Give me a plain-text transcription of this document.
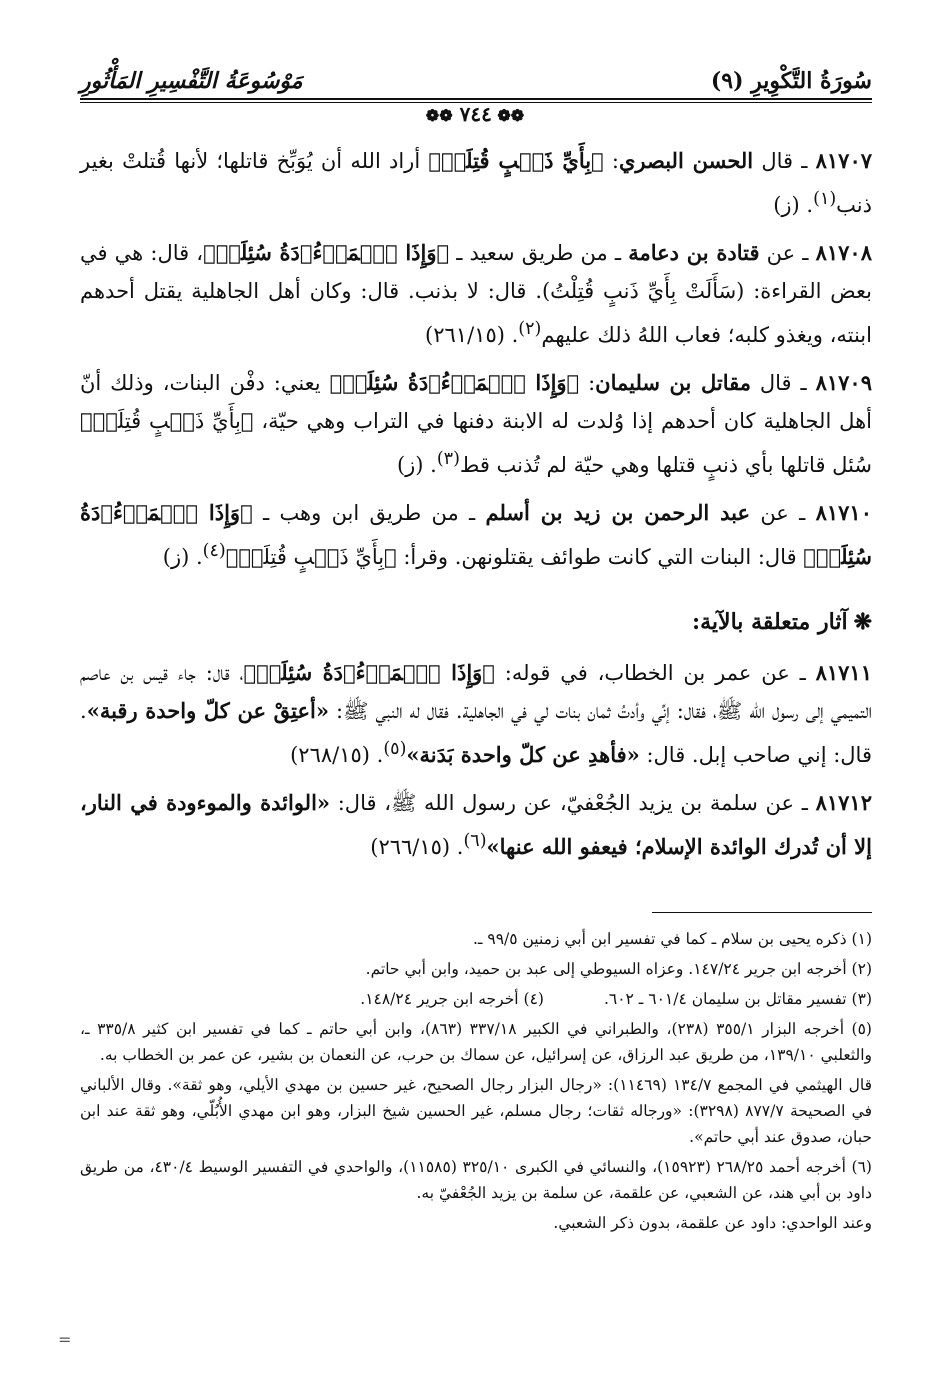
سُورَةُ التَّكْوِيرِ (٩)
مَوْسُوعَةُ التَّفْسِيرِ المَأْثُورِ
❁❁ ٧٤٤ ❁❁

٨١٧٠٧ ـ قال الحسن البصري: ﴿بِأَيِّ ذَنۢبٍ قُتِلَتۡ﴾ أراد الله أن يُوَبِّخ قاتلها؛ لأنها قُتلتْ بغير ذنب$^{(١)}$. (ز)

٨١٧٠٨ ـ عن قتادة بن دعامة ـ من طريق سعيد ـ ﴿وَإِذَا ٱلۡمَوۡءُۥدَةُ سُئِلَتۡ﴾، قال: هي في بعض القراءة: (سَأَلَتْ بِأَيِّ ذَنبٍ قُتِلْتُ). قال: لا بذنب. قال: وكان أهل الجاهلية يقتل أحدهم ابنته، ويغذو كلبه؛ فعاب اللهُ ذلك عليهم$^{(٢)}$. (٢٦١/١٥)

٨١٧٠٩ ـ قال مقاتل بن سليمان: ﴿وَإِذَا ٱلۡمَوۡءُۥدَةُ سُئِلَتۡ﴾ يعني: دفْن البنات، وذلك أنّ أهل الجاهلية كان أحدهم إذا وُلدت له الابنة دفنها في التراب وهي حيّة، ﴿بِأَيِّ ذَنۢبٍ قُتِلَتۡ﴾ سُئل قاتلها بأي ذنبٍ قتلها وهي حيّة لم تُذنب قط$^{(٣)}$. (ز)

٨١٧١٠ ـ عن عبد الرحمن بن زيد بن أسلم ـ من طريق ابن وهب ـ ﴿وَإِذَا ٱلۡمَوۡءُۥدَةُ سُئِلَتۡ﴾ قال: البنات التي كانت طوائف يقتلونهن. وقرأ: ﴿بِأَيِّ ذَنۢبٍ قُتِلَتۡ﴾$^{(٤)}$. (ز)

❋آثار متعلقة بالآية:

٨١٧١١ ـ عن عمر بن الخطاب، في قوله: ﴿وَإِذَا ٱلۡمَوۡءُۥدَةُ سُئِلَتۡ﴾، قال: جاء قيس بن عاصم التميمي إلى رسول الله ﷺ، فقال: إنِّي وأدتُ ثمان بنات لي في الجاهلية. فقال له النبي ﷺ: «أعتِقْ عن كلّ واحدة رقبة». قال: إني صاحب إبل. قال: «فأهدِ عن كلّ واحدة بَدَنة»$^{(٥)}$. (٢٦٨/١٥)

٨١٧١٢ ـ عن سلمة بن يزيد الجُعْفيّ، عن رسول الله ﷺ، قال: «الوائدة والموءودة في النار، إلا أن تُدرك الوائدة الإسلام؛ فيعفو الله عنها»$^{(٦)}$. (٢٦٦/١٥)

(١) ذكره يحيى بن سلام ـ كما في تفسير ابن أبي زمنين ٩٩/٥ ـ.

(٢) أخرجه ابن جرير ١٤٧/٢٤. وعزاه السيوطي إلى عبد بن حميد، وابن أبي حاتم.

(٣) تفسير مقاتل بن سليمان ٦٠١/٤ ـ ٦٠٢.
(٤) أخرجه ابن جرير ١٤٨/٢٤.

(٥) أخرجه البزار ٣٥٥/١ (٢٣٨)، والطبراني في الكبير ٣٣٧/١٨ (٨٦٣)، وابن أبي حاتم ـ كما في تفسير ابن كثير ٣٣٥/٨ ـ، والثعلبي ١٣٩/١٠، من طريق عبد الرزاق، عن إسرائيل، عن سماك بن حرب، عن النعمان بن بشير، عن عمر بن الخطاب به.

قال الهيثمي في المجمع ١٣٤/٧ (١١٤٦٩): «رجال البزار رجال الصحيح، غير حسين بن مهدي الأيلي، وهو ثقة». وقال الألباني في الصحيحة ٨٧٧/٧ (٣٢٩٨): «ورجاله ثقات؛ رجال مسلم، غير الحسين شيخ البزار، وهو ابن مهدي الأُبُلّي، وهو ثقة عند ابن حبان، صدوق عند أبي حاتم».

(٦) أخرجه أحمد ٢٦٨/٢٥ (١٥٩٢٣)، والنسائي في الكبرى ٣٢٥/١٠ (١١٥٨٥)، والواحدي في التفسير الوسيط ٤٣٠/٤، من طريق داود بن أبي هند، عن الشعبي، عن علقمة، عن سلمة بن يزيد الجُعْفيّ به.

وعند الواحدي: داود عن علقمة، بدون ذكر الشعبي.

=
